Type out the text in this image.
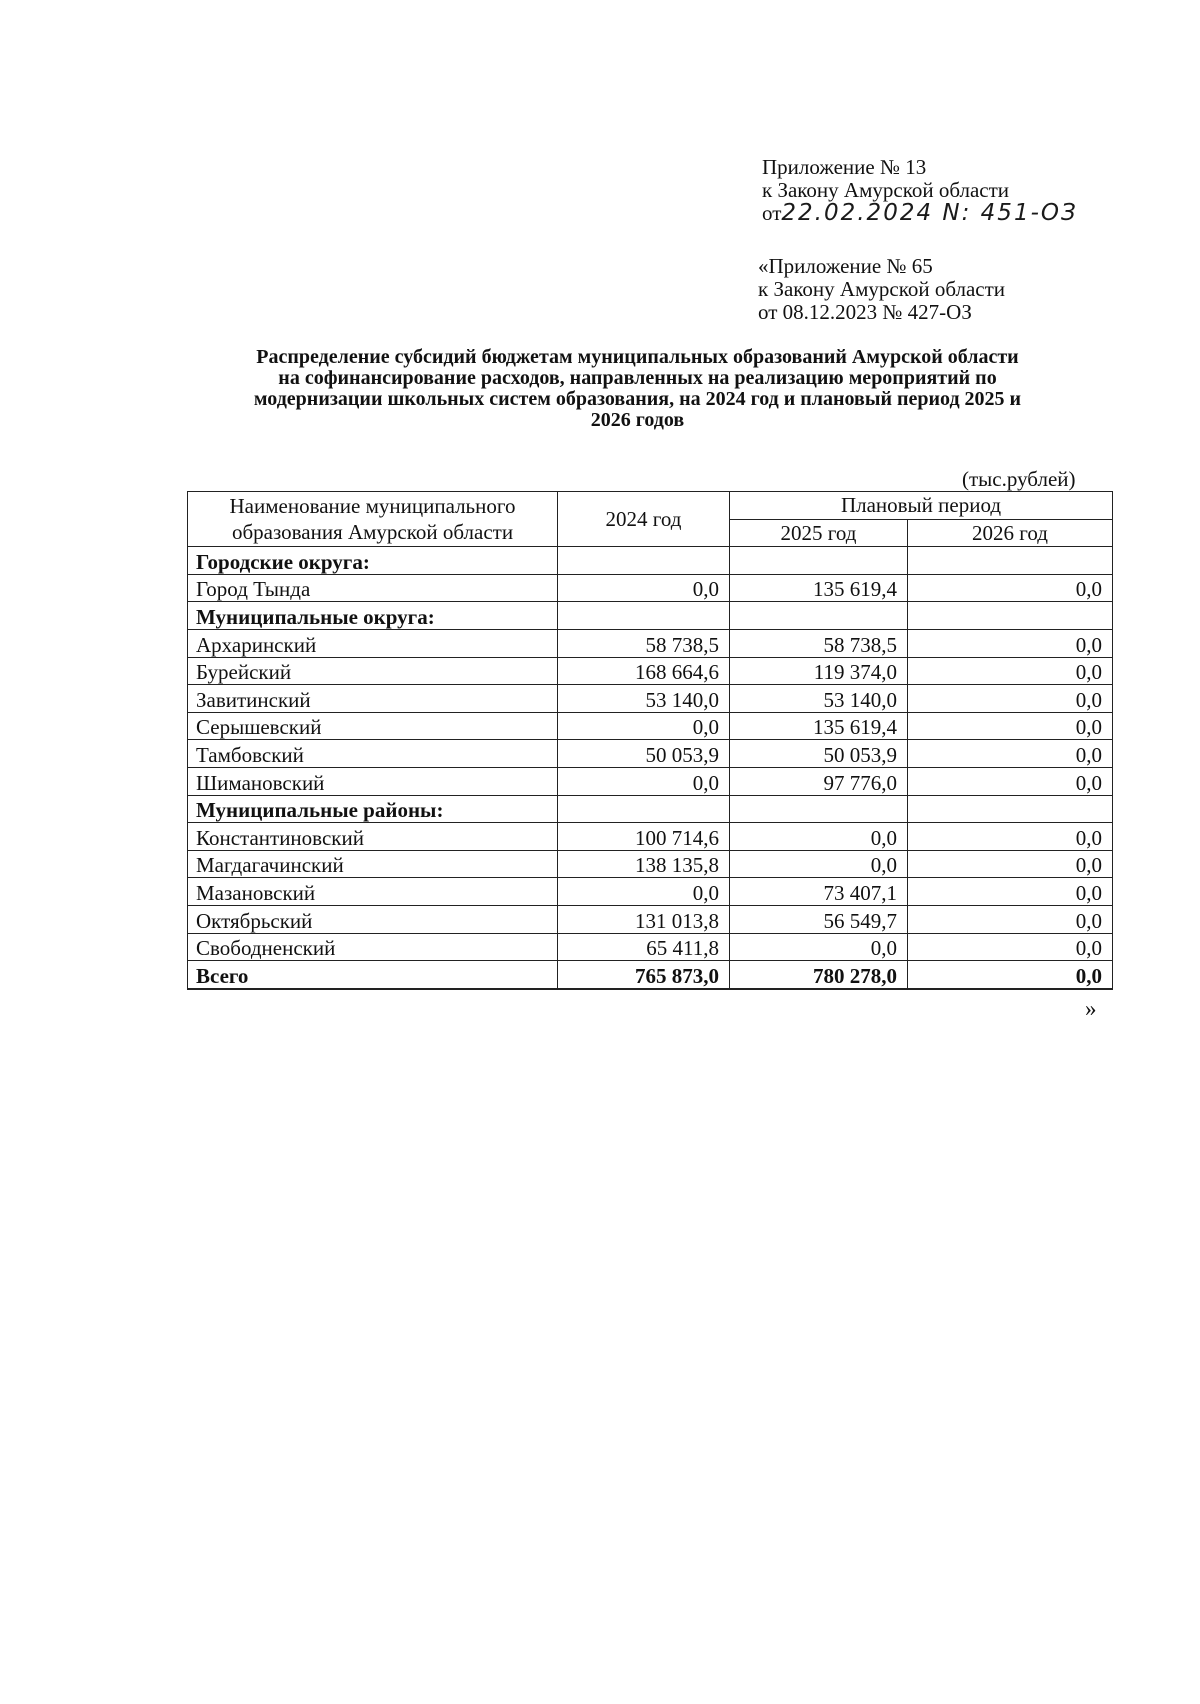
Приложение № 13
к Закону Амурской области
от22.02.2024 N: 451-ОЗ
«Приложение № 65
к Закону Амурской области
от 08.12.2023 № 427-ОЗ
Распределение субсидий бюджетам муниципальных образований Амурской области
на софинансирование расходов, направленных на реализацию мероприятий по
модернизации школьных систем образования, на 2024 год и плановый период 2025 и
2026 годов
(тыс.рублей)
Наименование муниципального
образования Амурской области	2024 год	Плановый период	
		2025 год	2026 год
Городские округа:			
Город Тында	0,0	135 619,4	0,0
Муниципальные округа:			
Архаринский	58 738,5	58 738,5	0,0
Бурейский	168 664,6	119 374,0	0,0
Завитинский	53 140,0	53 140,0	0,0
Серышевский	0,0	135 619,4	0,0
Тамбовский	50 053,9	50 053,9	0,0
Шимановский	0,0	97 776,0	0,0
Муниципальные районы:			
Константиновский	100 714,6	0,0	0,0
Магдагачинский	138 135,8	0,0	0,0
Мазановский	0,0	73 407,1	0,0
Октябрьский	131 013,8	56 549,7	0,0
Свободненский	65 411,8	0,0	0,0
Всего	765 873,0	780 278,0	0,0
»
